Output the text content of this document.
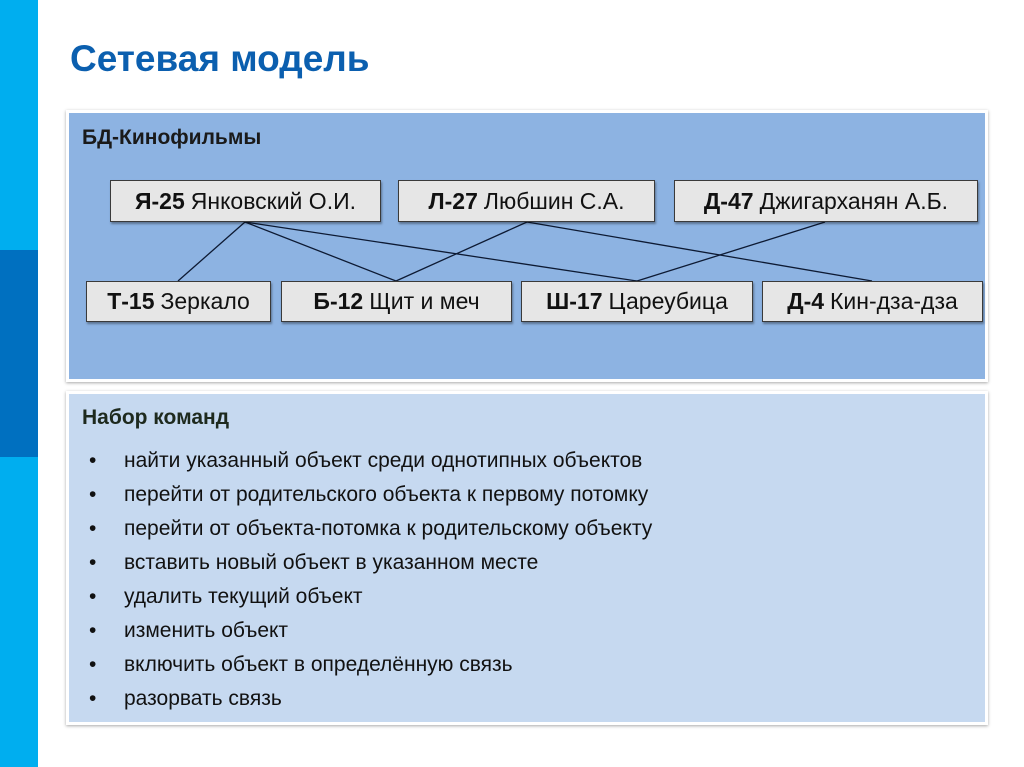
Сетевая модель
БД-Кинофильмы
Я-25 Янковский О.И.	Л-27 Любшин С.А.	Д-47 Джигарханян А.Б.
Т-15 Зеркало	Б-12 Щит и меч	Ш-17 Цареубица	Д-4 Кин-дза-дза
Набор команд
• найти указанный объект среди однотипных объектов
• перейти от родительского объекта к первому потомку
• перейти от объекта-потомка к родительскому объекту
• вставить новый объект в указанном месте
• удалить текущий объект
• изменить объект
• включить объект в определённую связь
• разорвать связь
